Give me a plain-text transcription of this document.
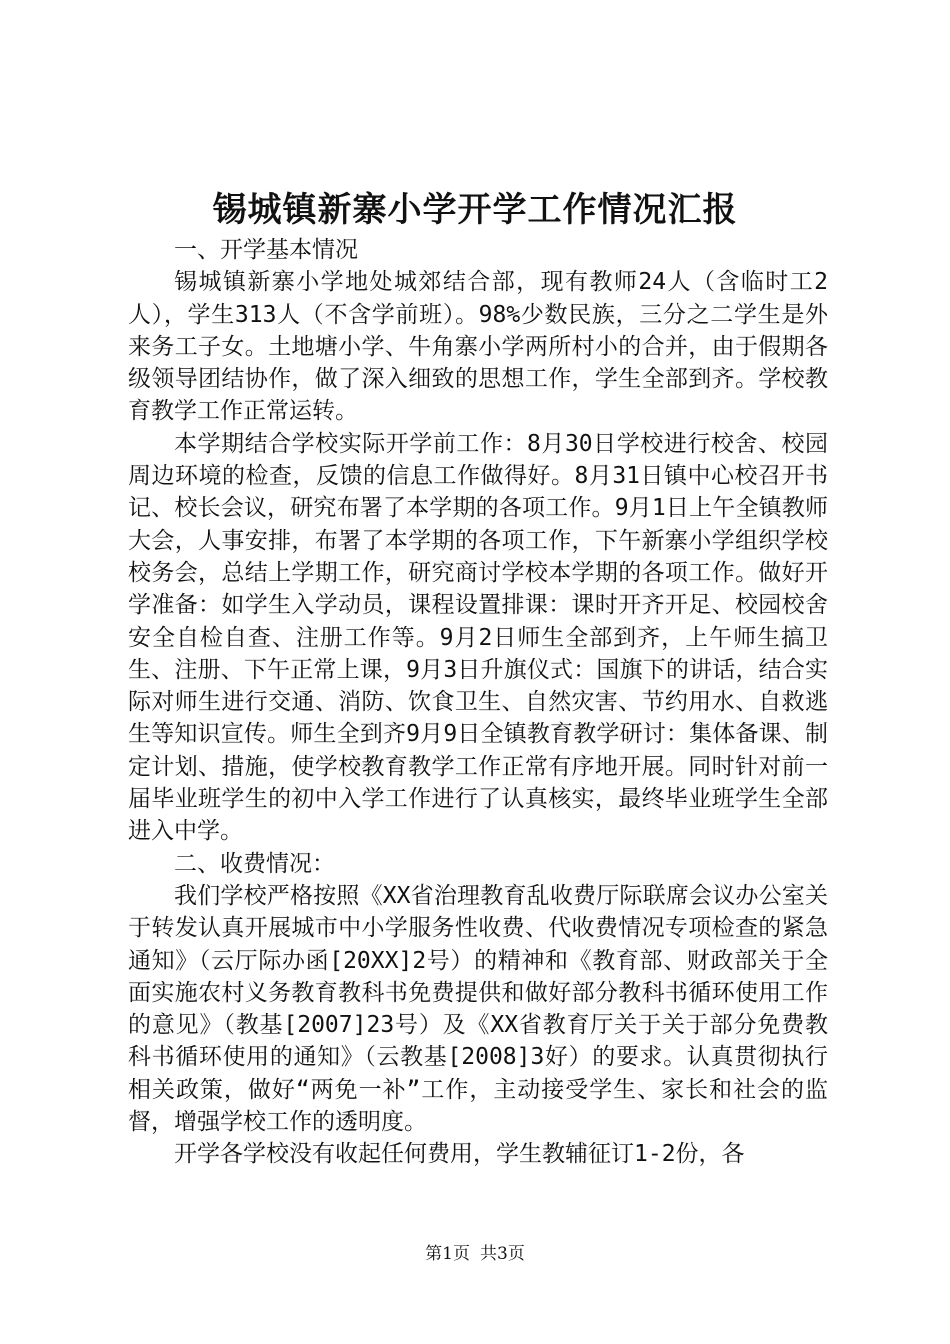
锡城镇新寨小学开学工作情况汇报

一、开学基本情况

锡城镇新寨小学地处城郊结合部，现有教师24人（含临时工2人），学生313人（不含学前班）。98%少数民族，三分之二学生是外来务工子女。土地塘小学、牛角寨小学两所村小的合并，由于假期各级领导团结协作，做了深入细致的思想工作，学生全部到齐。学校教育教学工作正常运转。

本学期结合学校实际开学前工作：8月30日学校进行校舍、校园周边环境的检查，反馈的信息工作做得好。8月31日镇中心校召开书记、校长会议，研究布署了本学期的各项工作。9月1日上午全镇教师大会，人事安排，布署了本学期的各项工作，下午新寨小学组织学校校务会，总结上学期工作，研究商讨学校本学期的各项工作。做好开学准备：如学生入学动员，课程设置排课：课时开齐开足、校园校舍安全自检自查、注册工作等。9月2日师生全部到齐，上午师生搞卫生、注册、下午正常上课，9月3日升旗仪式：国旗下的讲话，结合实际对师生进行交通、消防、饮食卫生、自然灾害、节约用水、自救逃生等知识宣传。师生全到齐9月9日全镇教育教学研讨：集体备课、制定计划、措施，使学校教育教学工作正常有序地开展。同时针对前一届毕业班学生的初中入学工作进行了认真核实，最终毕业班学生全部进入中学。

二、收费情况：

我们学校严格按照《XX省治理教育乱收费厅际联席会议办公室关于转发认真开展城市中小学服务性收费、代收费情况专项检查的紧急通知》（云厅际办函[20XX]2号）的精神和《教育部、财政部关于全面实施农村义务教育教科书免费提供和做好部分教科书循环使用工作的意见》（教基[2007]23号）及《XX省教育厅关于关于部分免费教科书循环使用的通知》（云教基[2008]3好）的要求。认真贯彻执行相关政策，做好“两免一补”工作，主动接受学生、家长和社会的监督，增强学校工作的透明度。

开学各学校没有收起任何费用，学生教辅征订1-2份，各

第1页 共3页
